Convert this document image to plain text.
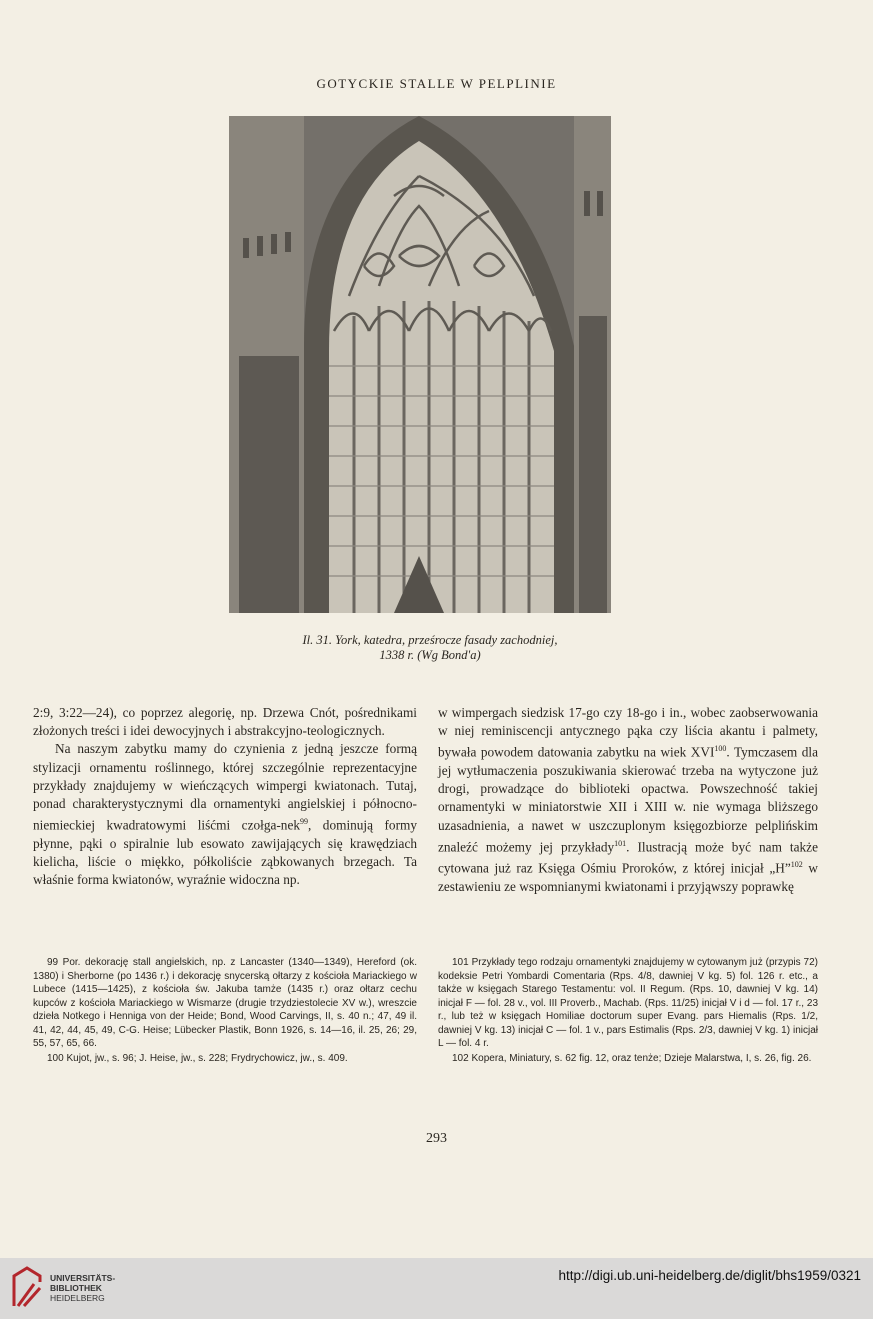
GOTYCKIE STALLE W PELPLINIE
Il. 31. York, katedra, prześrocze fasady zachodniej,
1338 r. (Wg Bond'a)

2:9, 3:22—24), co poprzez alegorię, np. Drzewa Cnót, pośrednikami złożonych treści i idei dewocyjnych i abstrakcyjno-teologicznych.

Na naszym zabytku mamy do czynienia z jedną jeszcze formą stylizacji ornamentu roślinnego, której szczególnie reprezentacyjne przykłady znajdujemy w wieńczących wimpergi kwiatonach. Tutaj, ponad charakterystycznymi dla ornamentyki angielskiej i północno-niemieckiej kwadratowymi liśćmi czołga-nek$^{99}$, dominują formy płynne, pąki o spiralnie lub esowato zawijających się krawędziach kielicha, liście o miękko, półkoliście ząbkowanych brzegach. Ta właśnie forma kwiatonów, wyraźnie widoczna np.

w wimpergach siedzisk 17-go czy 18-go i in., wobec zaobserwowania w niej reminiscencji antycznego pąka czy liścia akantu i palmety, bywała powodem datowania zabytku na wiek XVI$^{100}$. Tymczasem dla jej wytłumaczenia poszukiwania skierować trzeba na wytyczone już drogi, prowadzące do biblioteki opactwa. Powszechność takiej ornamentyki w miniatorstwie XII i XIII w. nie wymaga bliższego uzasadnienia, a nawet w uszczuplonym księgozbiorze pelplińskim znaleźć możemy jej przykłady$^{101}$. Ilustracją może być nam także cytowana już raz Księga Ośmiu Proroków, z której inicjał „H”$^{102}$ w zestawieniu ze wspomnianymi kwiatonami i przyjąwszy poprawkę

99 Por. dekorację stall angielskich, np. z Lancaster (1340—1349), Hereford (ok. 1380) i Sherborne (po 1436 r.) i dekorację snycerską ołtarzy z kościoła Mariackiego w Lubece (1415—1425), z kościoła św. Jakuba tamże (1435 r.) oraz ołtarz cechu kupców z kościoła Mariackiego w Wismarze (drugie trzydziestolecie XV w.), wreszcie dzieła Notkego i Henniga von der Heide; Bond, Wood Carvings, II, s. 40 n.; 47, 49 il. 41, 42, 44, 45, 49, C-G. Heise; Lübecker Plastik, Bonn 1926, s. 14—16, il. 25, 26; 29, 55, 57, 65, 66.

100 Kujot, jw., s. 96; J. Heise, jw., s. 228; Frydrychowicz, jw., s. 409.

101 Przykłady tego rodzaju ornamentyki znajdujemy w cytowanym już (przypis 72) kodeksie Petri Yombardi Comentaria (Rps. 4/8, dawniej V kg. 5) fol. 126 r. etc., a także w księgach Starego Testamentu: vol. II Regum. (Rps. 10, dawniej V kg. 14) inicjał F — fol. 28 v., vol. III Proverb., Machab. (Rps. 11/25) inicjał V i d — fol. 17 r., 23 r., lub też w księgach Homiliae doctorum super Evang. pars Hiemalis (Rps. 1/2, dawniej V kg. 13) inicjał C — fol. 1 v., pars Estimalis (Rps. 2/3, dawniej V kg. 1) inicjał L — fol. 4 r.

102 Kopera, Miniatury, s. 62 fig. 12, oraz tenże; Dzieje Malarstwa, I, s. 26, fig. 26.

293
UNIVERSITÄTS-
BIBLIOTHEK
HEIDELBERG
http://digi.ub.uni-heidelberg.de/diglit/bhs1959/0321
